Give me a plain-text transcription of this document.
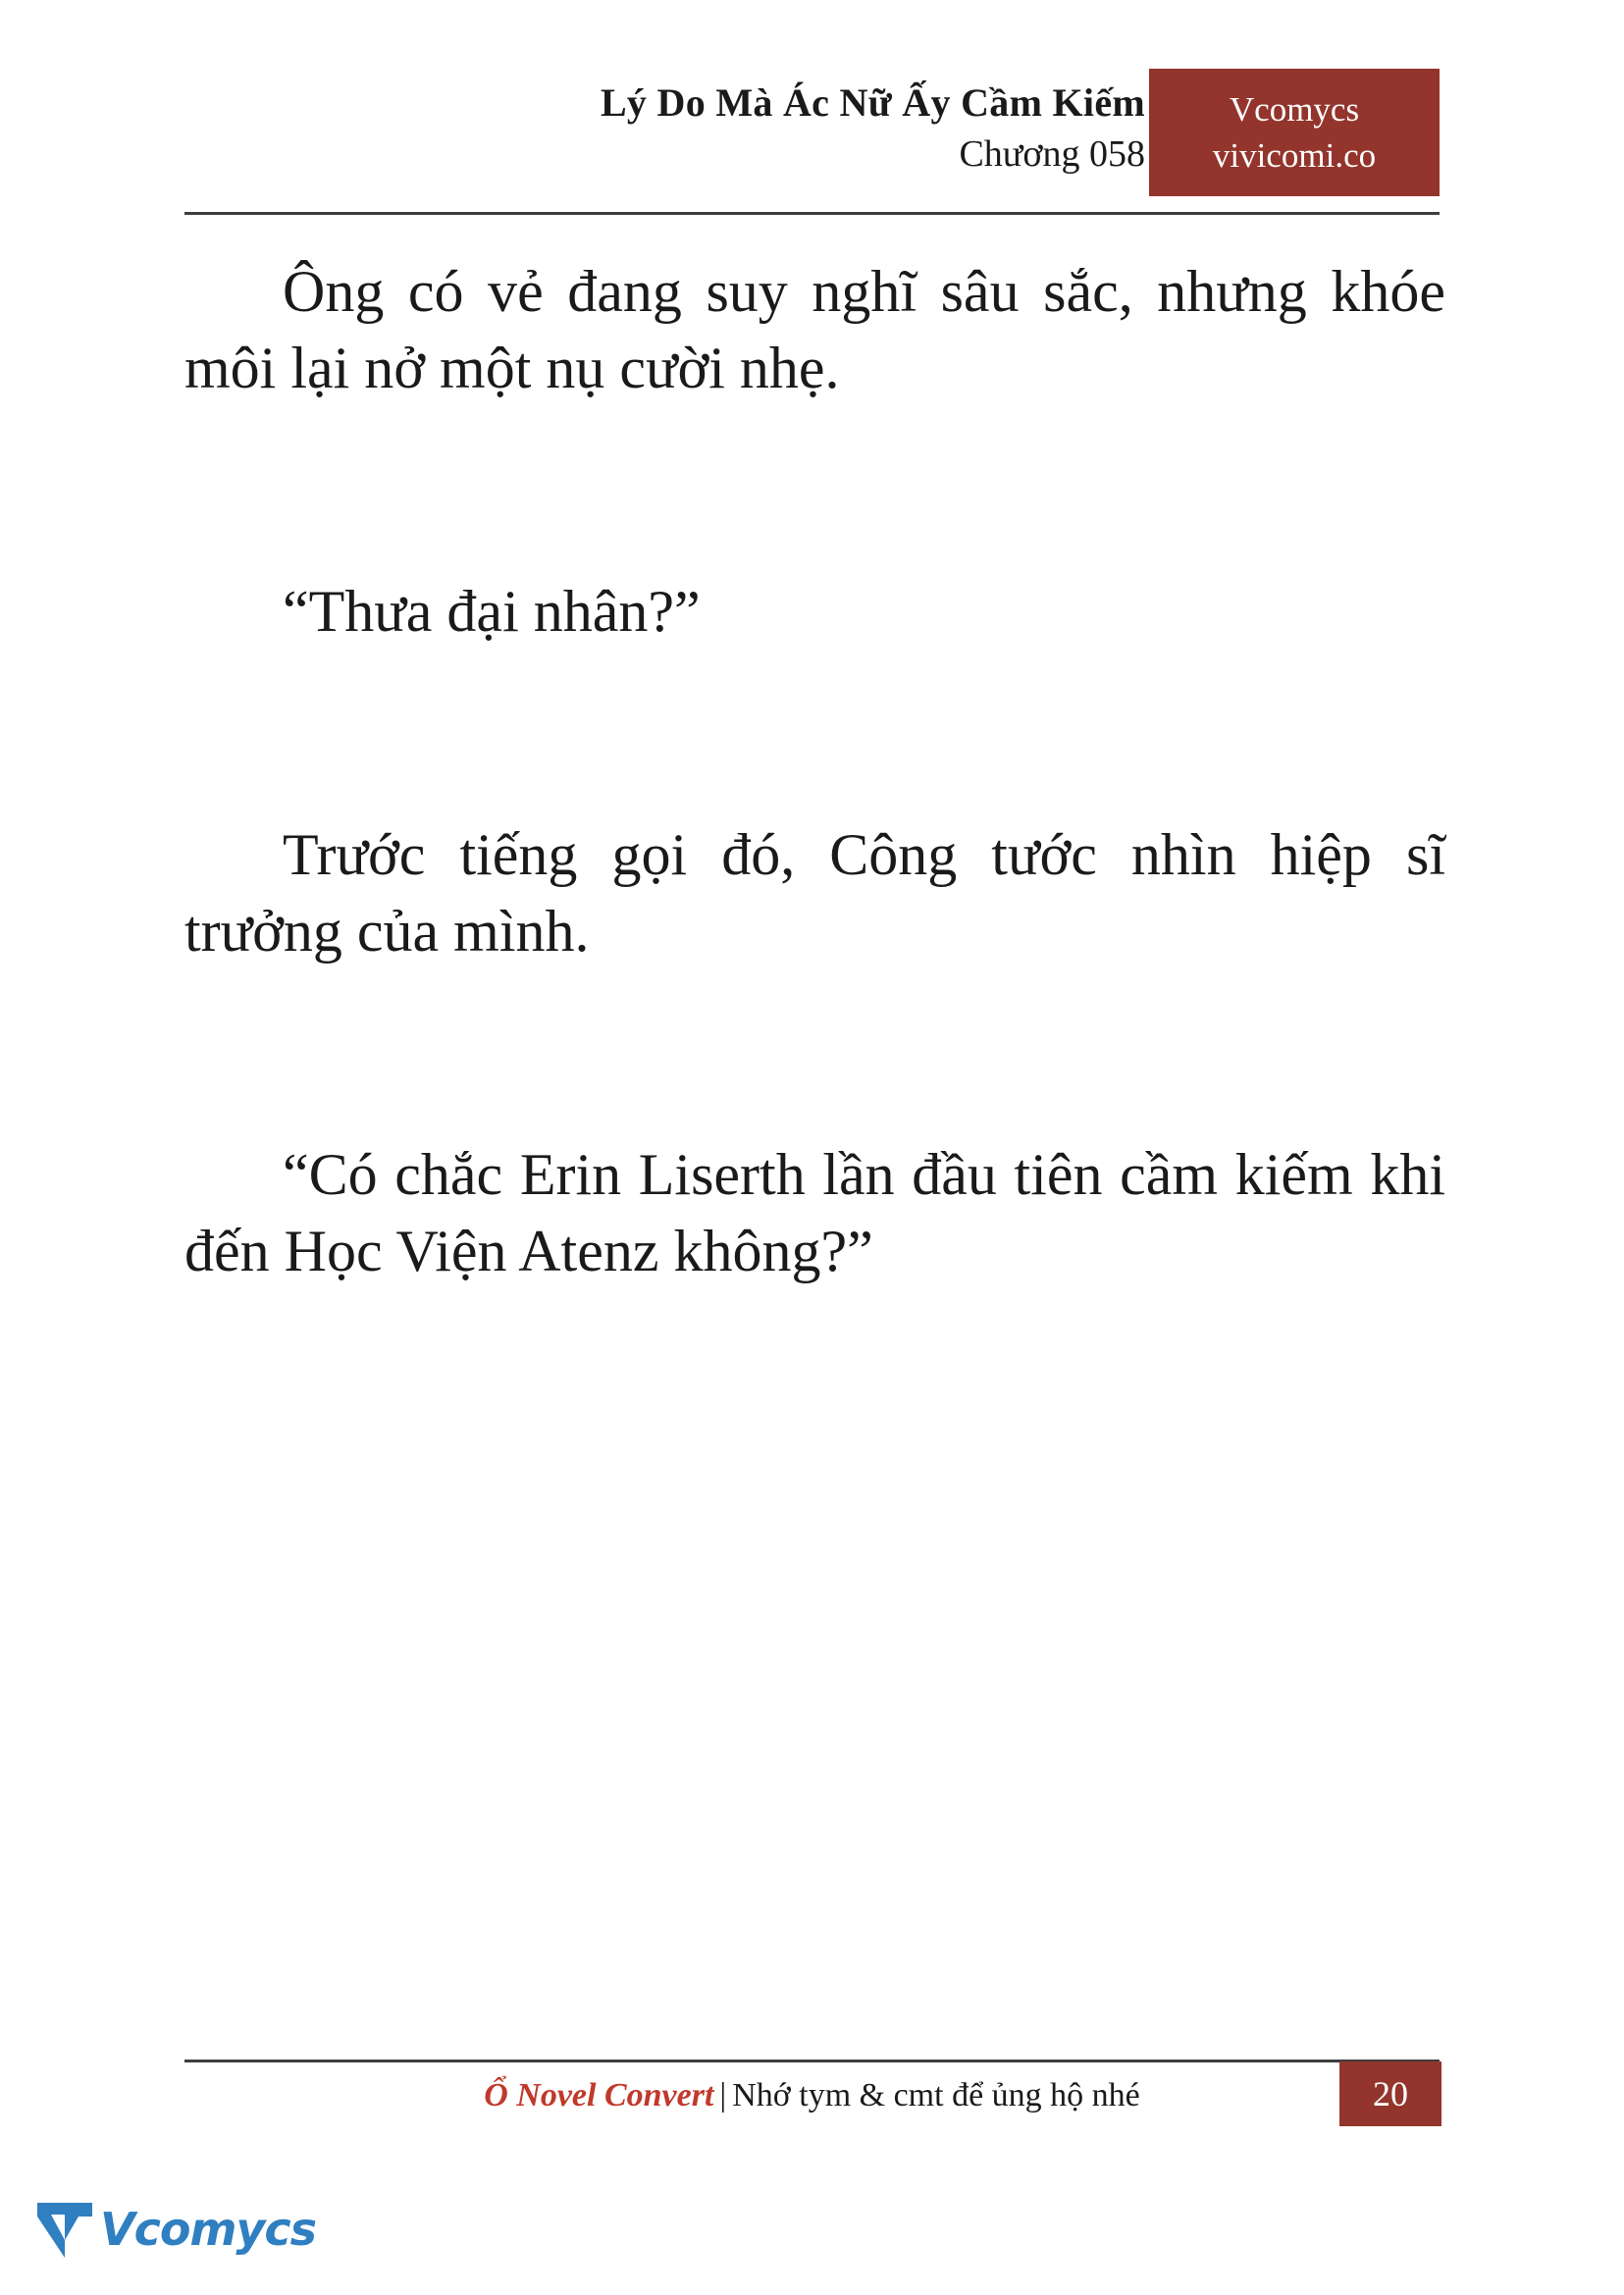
Lý Do Mà Ác Nữ Ấy Cầm Kiếm
Chương 058
Vcomycs
vivicomi.co

Ông có vẻ đang suy nghĩ sâu sắc, nhưng khóe môi lại nở một nụ cười nhẹ.

“Thưa đại nhân?”

Trước tiếng gọi đó, Công tước nhìn hiệp sĩ trưởng của mình.

“Có chắc Erin Liserth lần đầu tiên cầm kiếm khi đến Học Viện Atenz không?”

Ổ Novel Convert | Nhớ tym & cmt để ủng hộ nhé	20
Vcomycs
